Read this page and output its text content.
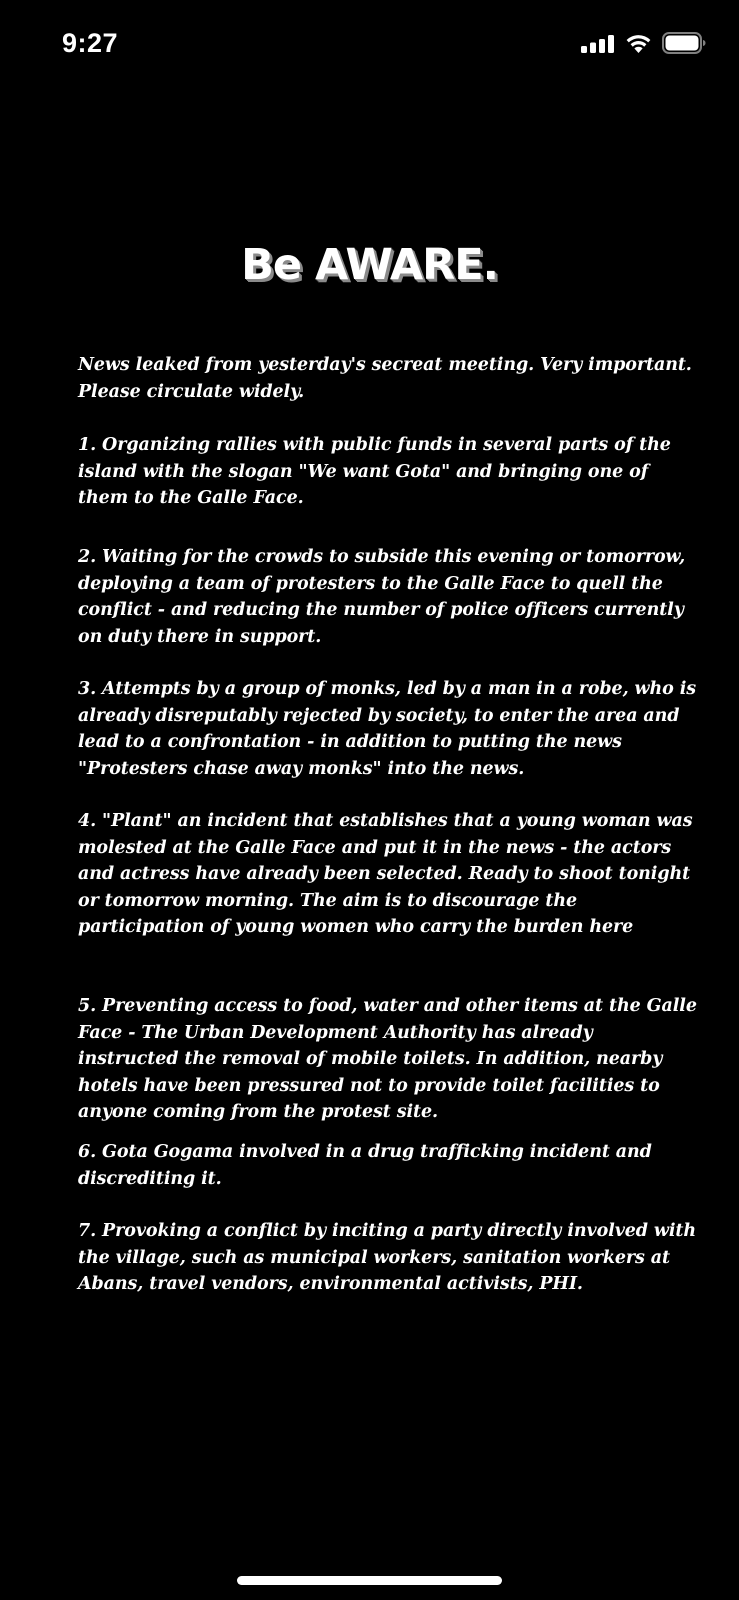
9:27
Be AWARE.

News leaked from yesterday's secreat meeting. Very important. Please circulate widely.

1. Organizing rallies with public funds in several parts of the island with the slogan "We want Gota" and bringing one of them to the Galle Face.

2. Waiting for the crowds to subside this evening or tomorrow, deploying a team of protesters to the Galle Face to quell the conflict - and reducing the number of police officers currently on duty there in support.

3. Attempts by a group of monks, led by a man in a robe, who is already disreputably rejected by society, to enter the area and lead to a confrontation - in addition to putting the news "Protesters chase away monks" into the news.

4. "Plant" an incident that establishes that a young woman was molested at the Galle Face and put it in the news - the actors and actress have already been selected. Ready to shoot tonight or tomorrow morning. The aim is to discourage the participation of young women who carry the burden here

5. Preventing access to food, water and other items at the Galle Face - The Urban Development Authority has already instructed the removal of mobile toilets. In addition, nearby hotels have been pressured not to provide toilet facilities to anyone coming from the protest site.

6. Gota Gogama involved in a drug trafficking incident and discrediting it.

7. Provoking a conflict by inciting a party directly involved with the village, such as municipal workers, sanitation workers at Abans, travel vendors, environmental activists, PHI.
